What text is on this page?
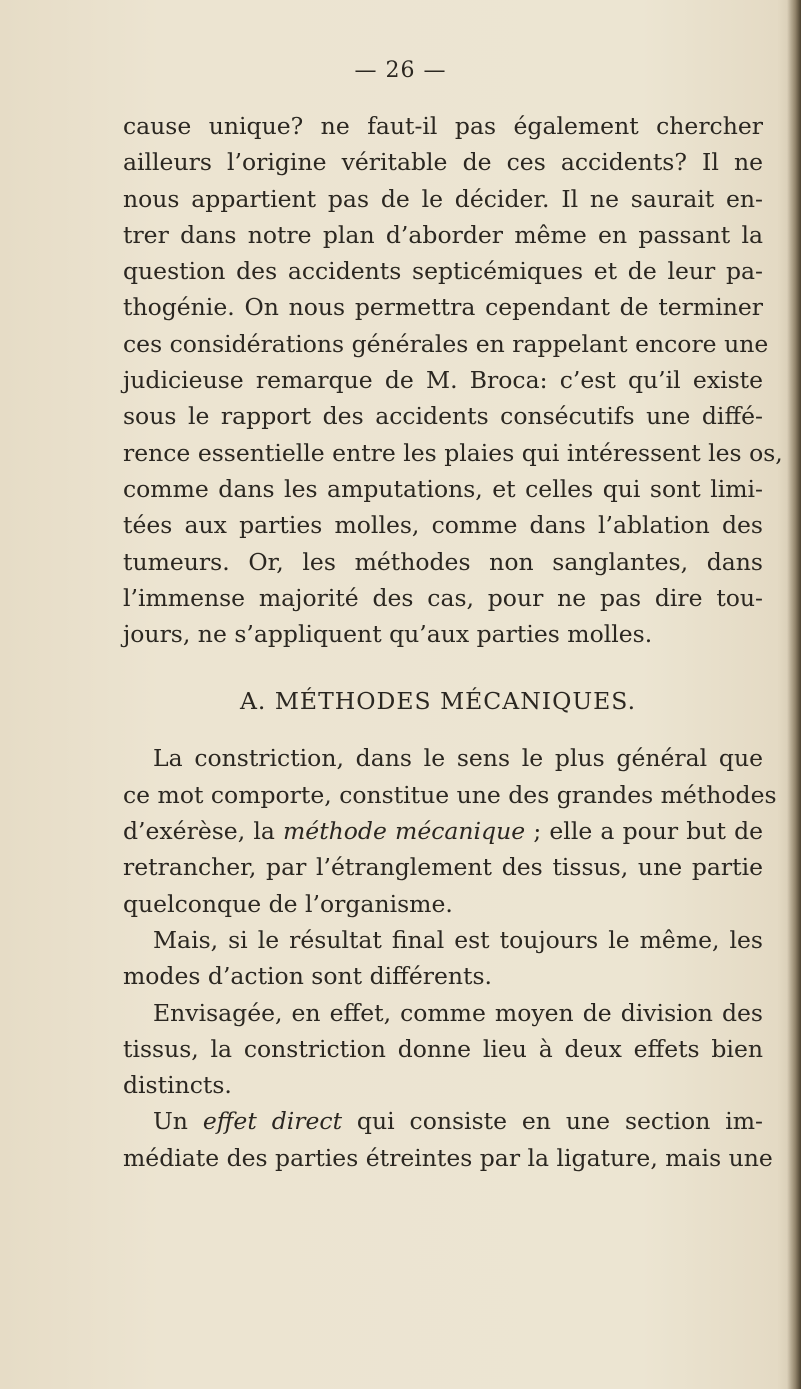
— 26 —
cause unique? ne faut-il pas également chercher
ailleurs l’origine véritable de ces accidents? Il ne
nous appartient pas de le décider. Il ne saurait en-
trer dans notre plan d’aborder même en passant la
question des accidents septicémiques et de leur pa-
thogénie. On nous permettra cependant de terminer
ces considérations générales en rappelant encore une
judicieuse remarque de M. Broca: c’est qu’il existe
sous le rapport des accidents consécutifs une diffé-
rence essentielle entre les plaies qui intéressent les os,
comme dans les amputations, et celles qui sont limi-
tées aux parties molles, comme dans l’ablation des
tumeurs. Or, les méthodes non sanglantes, dans
l’immense majorité des cas, pour ne pas dire tou-
jours, ne s’appliquent qu’aux parties molles.
A. MÉTHODES MÉCANIQUES.
La constriction, dans le sens le plus général que
ce mot comporte, constitue une des grandes méthodes
d’exérèse, la méthode mécanique ; elle a pour but de
retrancher, par l’étranglement des tissus, une partie
quelconque de l’organisme.
Mais, si le résultat final est toujours le même, les
modes d’action sont différents.
Envisagée, en effet, comme moyen de division des
tissus, la constriction donne lieu à deux effets bien
distincts.
Un effet direct qui consiste en une section im-
médiate des parties étreintes par la ligature, mais une
